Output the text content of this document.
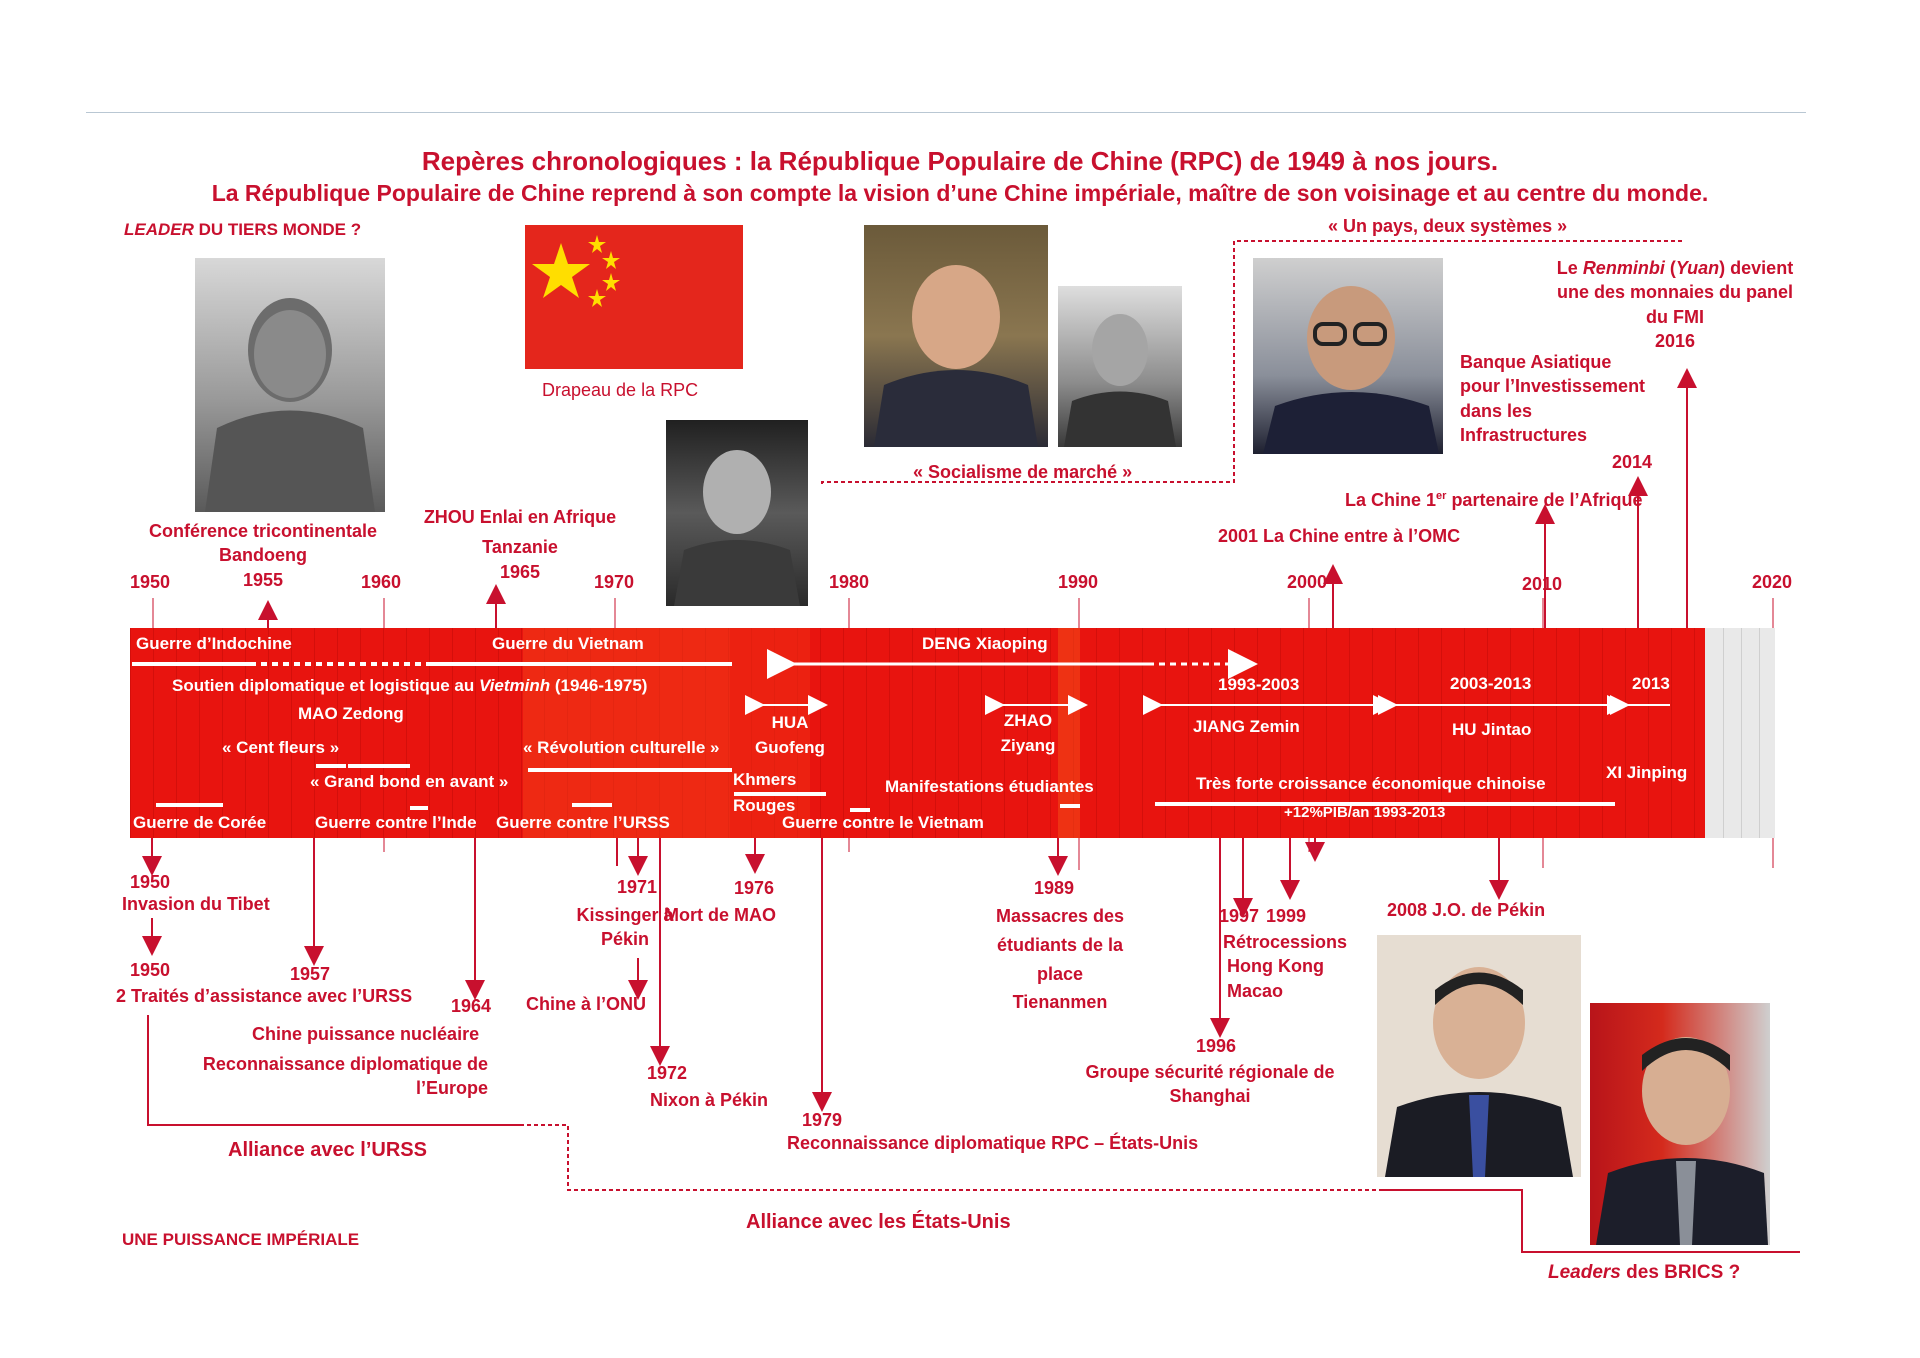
Repères chronologiques : la République Populaire de Chine (RPC) de 1949 à nos jours.
La République Populaire de Chine reprend à son compte la vision d’une Chine impériale, maître de son voisinage et au centre du monde.
LEADER DU TIERS MONDE ?
UNE PUISSANCE IMPÉRIALE
Leaders des BRICS ?
« Un pays, deux systèmes »
Alliance avec l’URSS
Alliance avec les États-Unis
Drapeau de la RPC
« Socialisme de marché »
1950	1960	1970	1980	1990	2000	2010	2020
Conférence tricontinentale
Bandoeng
1955
ZHOU Enlai en Afrique
Tanzanie
1965
2001 La Chine entre à l’OMC
La Chine 1er partenaire de l’Afrique
Banque Asiatique
pour l’Investissement
dans les
Infrastructures
2014
Le Renminbi (Yuan) devient
une des monnaies du panel
du FMI
2016
Guerre d’Indochine	Guerre du Vietnam	DENG Xiaoping
Soutien diplomatique et logistique au Vietminh (1946-1975)
MAO Zedong
« Cent fleurs »
« Grand bond en avant »
« Révolution culturelle »
HUA
Guofeng
Khmers
Rouges
ZHAO
Ziyang
Manifestations étudiantes
1993-2003
JIANG Zemin
2003-2013
HU Jintao
2013
XI Jinping
Très forte croissance économique chinoise
+12%PIB/an 1993-2013
Guerre de Corée	Guerre contre l’Inde Guerre contre l’URSS	Guerre contre le Vietnam
1950
Invasion du Tibet
1950
2 Traités d’assistance avec l’URSS
1957
1964
Chine puissance nucléaire
Reconnaissance diplomatique de
l’Europe
1971
Kissinger à
Pékin
Chine à l’ONU
1972
Nixon à Pékin
1976
Mort de MAO
1979
Reconnaissance diplomatique RPC – États-Unis
1989
Massacres des
étudiants de la
place
Tienanmen
1997 1999
Rétrocessions
Hong Kong
Macao
1996
Groupe sécurité régionale de
Shanghai
2008 J.O. de Pékin
